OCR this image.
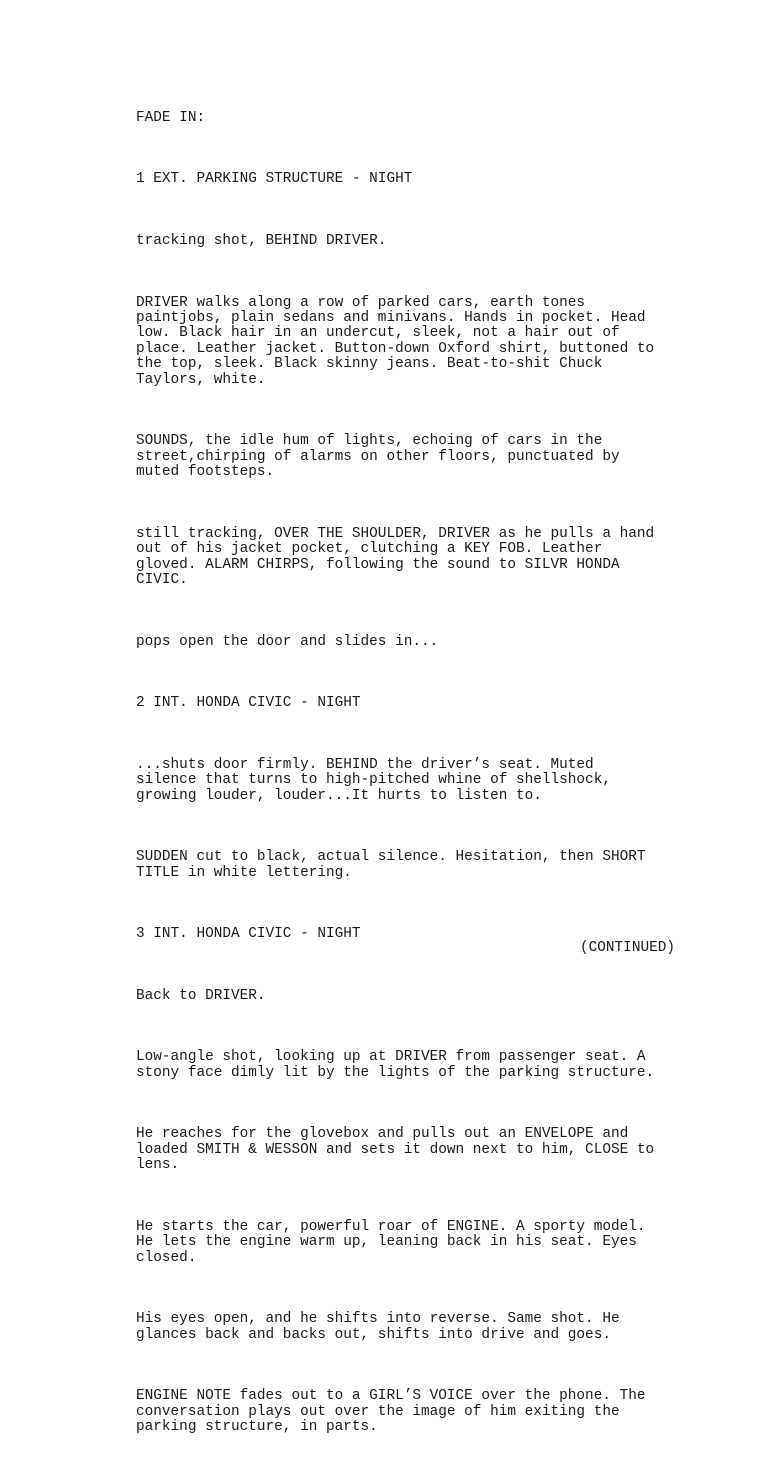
FADE IN:

1 EXT. PARKING STRUCTURE - NIGHT

tracking shot, BEHIND DRIVER.

DRIVER walks along a row of parked cars, earth tones
paintjobs, plain sedans and minivans. Hands in pocket. Head
low. Black hair in an undercut, sleek, not a hair out of
place. Leather jacket. Button-down Oxford shirt, buttoned to
the top, sleek. Black skinny jeans. Beat-to-shit Chuck
Taylors, white.

SOUNDS, the idle hum of lights, echoing of cars in the
street,chirping of alarms on other floors, punctuated by
muted footsteps.

still tracking, OVER THE SHOULDER, DRIVER as he pulls a hand
out of his jacket pocket, clutching a KEY FOB. Leather
gloved. ALARM CHIRPS, following the sound to SILVR HONDA
CIVIC.

pops open the door and slides in...

2 INT. HONDA CIVIC - NIGHT

...shuts door firmly. BEHIND the driver’s seat. Muted
silence that turns to high-pitched whine of shellshock,
growing louder, louder...It hurts to listen to.

SUDDEN cut to black, actual silence. Hesitation, then SHORT
TITLE in white lettering.

3 INT. HONDA CIVIC - NIGHT

Back to DRIVER.

Low-angle shot, looking up at DRIVER from passenger seat. A
stony face dimly lit by the lights of the parking structure.

He reaches for the glovebox and pulls out an ENVELOPE and
loaded SMITH & WESSON and sets it down next to him, CLOSE to
lens.

He starts the car, powerful roar of ENGINE. A sporty model.
He lets the engine warm up, leaning back in his seat. Eyes
closed.

His eyes open, and he shifts into reverse. Same shot. He
glances back and backs out, shifts into drive and goes.

ENGINE NOTE fades out to a GIRL’S VOICE over the phone. The
conversation plays out over the image of him exiting the
parking structure, in parts.

(CONTINUED)
